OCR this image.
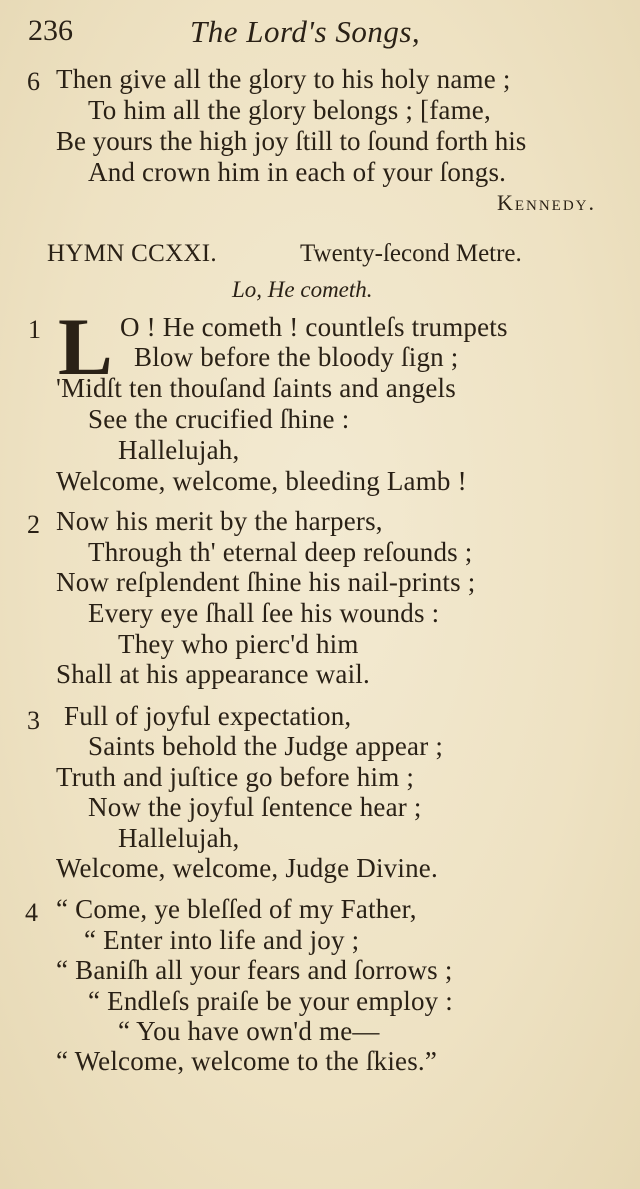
236	The Lord's Songs,
6 Then give all the glory to his holy name ;
To him all the glory belongs ; [fame,
Be yours the high joy ſtill to ſound forth his
And crown him in each of your ſongs.
Kennedy.
HYMN CCXXI.	Twenty-ſecond Metre.
Lo, He cometh.
1 L O ! He cometh ! countleſs trumpets
Blow before the bloody ſign ;
'Midſt ten thouſand ſaints and angels
See the crucified ſhine :
Hallelujah,
Welcome, welcome, bleeding Lamb !
2 Now his merit by the harpers,
Through th' eternal deep reſounds ;
Now reſplendent ſhine his nail-prints ;
Every eye ſhall ſee his wounds :
They who pierc'd him
Shall at his appearance wail.
3 Full of joyful expectation,
Saints behold the Judge appear ;
Truth and juſtice go before him ;
Now the joyful ſentence hear ;
Hallelujah,
Welcome, welcome, Judge Divine.
4 “ Come, ye bleſſed of my Father,
“ Enter into life and joy ;
“ Baniſh all your fears and ſorrows ;
“ Endleſs praiſe be your employ :
“ You have own'd me—
“ Welcome, welcome to the ſkies.”
